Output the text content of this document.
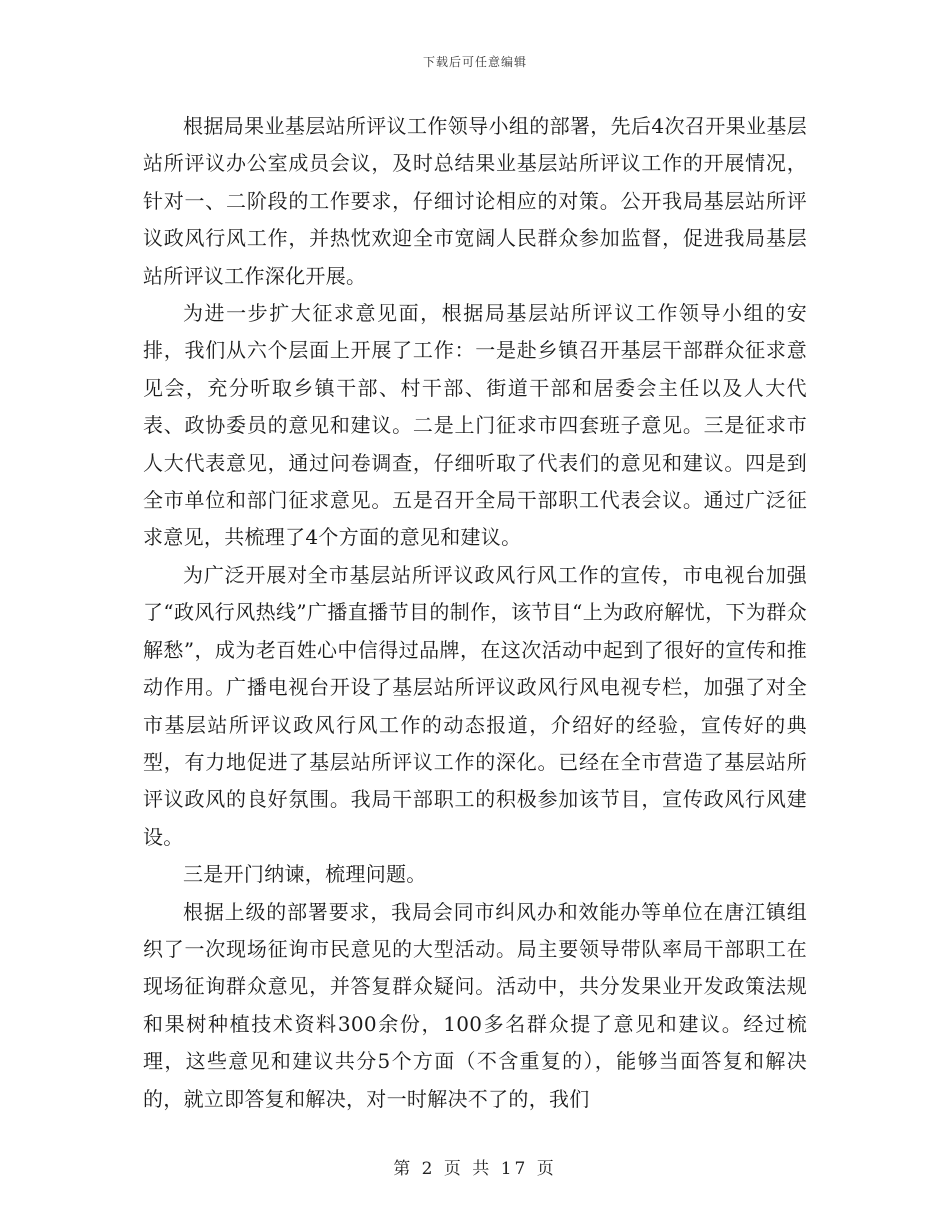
下载后可任意编辑

根据局果业基层站所评议工作领导小组的部署，先后4次召开果业基层站所评议办公室成员会议，及时总结果业基层站所评议工作的开展情况，针对一、二阶段的工作要求，仔细讨论相应的对策。公开我局基层站所评议政风行风工作，并热忱欢迎全市宽阔人民群众参加监督，促进我局基层站所评议工作深化开展。

为进一步扩大征求意见面，根据局基层站所评议工作领导小组的安排，我们从六个层面上开展了工作：一是赴乡镇召开基层干部群众征求意见会，充分听取乡镇干部、村干部、街道干部和居委会主任以及人大代表、政协委员的意见和建议。二是上门征求市四套班子意见。三是征求市人大代表意见，通过问卷调查，仔细听取了代表们的意见和建议。四是到全市单位和部门征求意见。五是召开全局干部职工代表会议。通过广泛征求意见，共梳理了4个方面的意见和建议。

为广泛开展对全市基层站所评议政风行风工作的宣传，市电视台加强了“政风行风热线”广播直播节目的制作，该节目“上为政府解忧，下为群众解愁”，成为老百姓心中信得过品牌，在这次活动中起到了很好的宣传和推动作用。广播电视台开设了基层站所评议政风行风电视专栏，加强了对全市基层站所评议政风行风工作的动态报道，介绍好的经验，宣传好的典型，有力地促进了基层站所评议工作的深化。已经在全市营造了基层站所评议政风的良好氛围。我局干部职工的积极参加该节目，宣传政风行风建设。

三是开门纳谏，梳理问题。

根据上级的部署要求，我局会同市纠风办和效能办等单位在唐江镇组织了一次现场征询市民意见的大型活动。局主要领导带队率局干部职工在现场征询群众意见，并答复群众疑问。活动中，共分发果业开发政策法规和果树种植技术资料300余份，100多名群众提了意见和建议。经过梳理，这些意见和建议共分5个方面（不含重复的），能够当面答复和解决的，就立即答复和解决，对一时解决不了的，我们

第 2 页 共 17 页
